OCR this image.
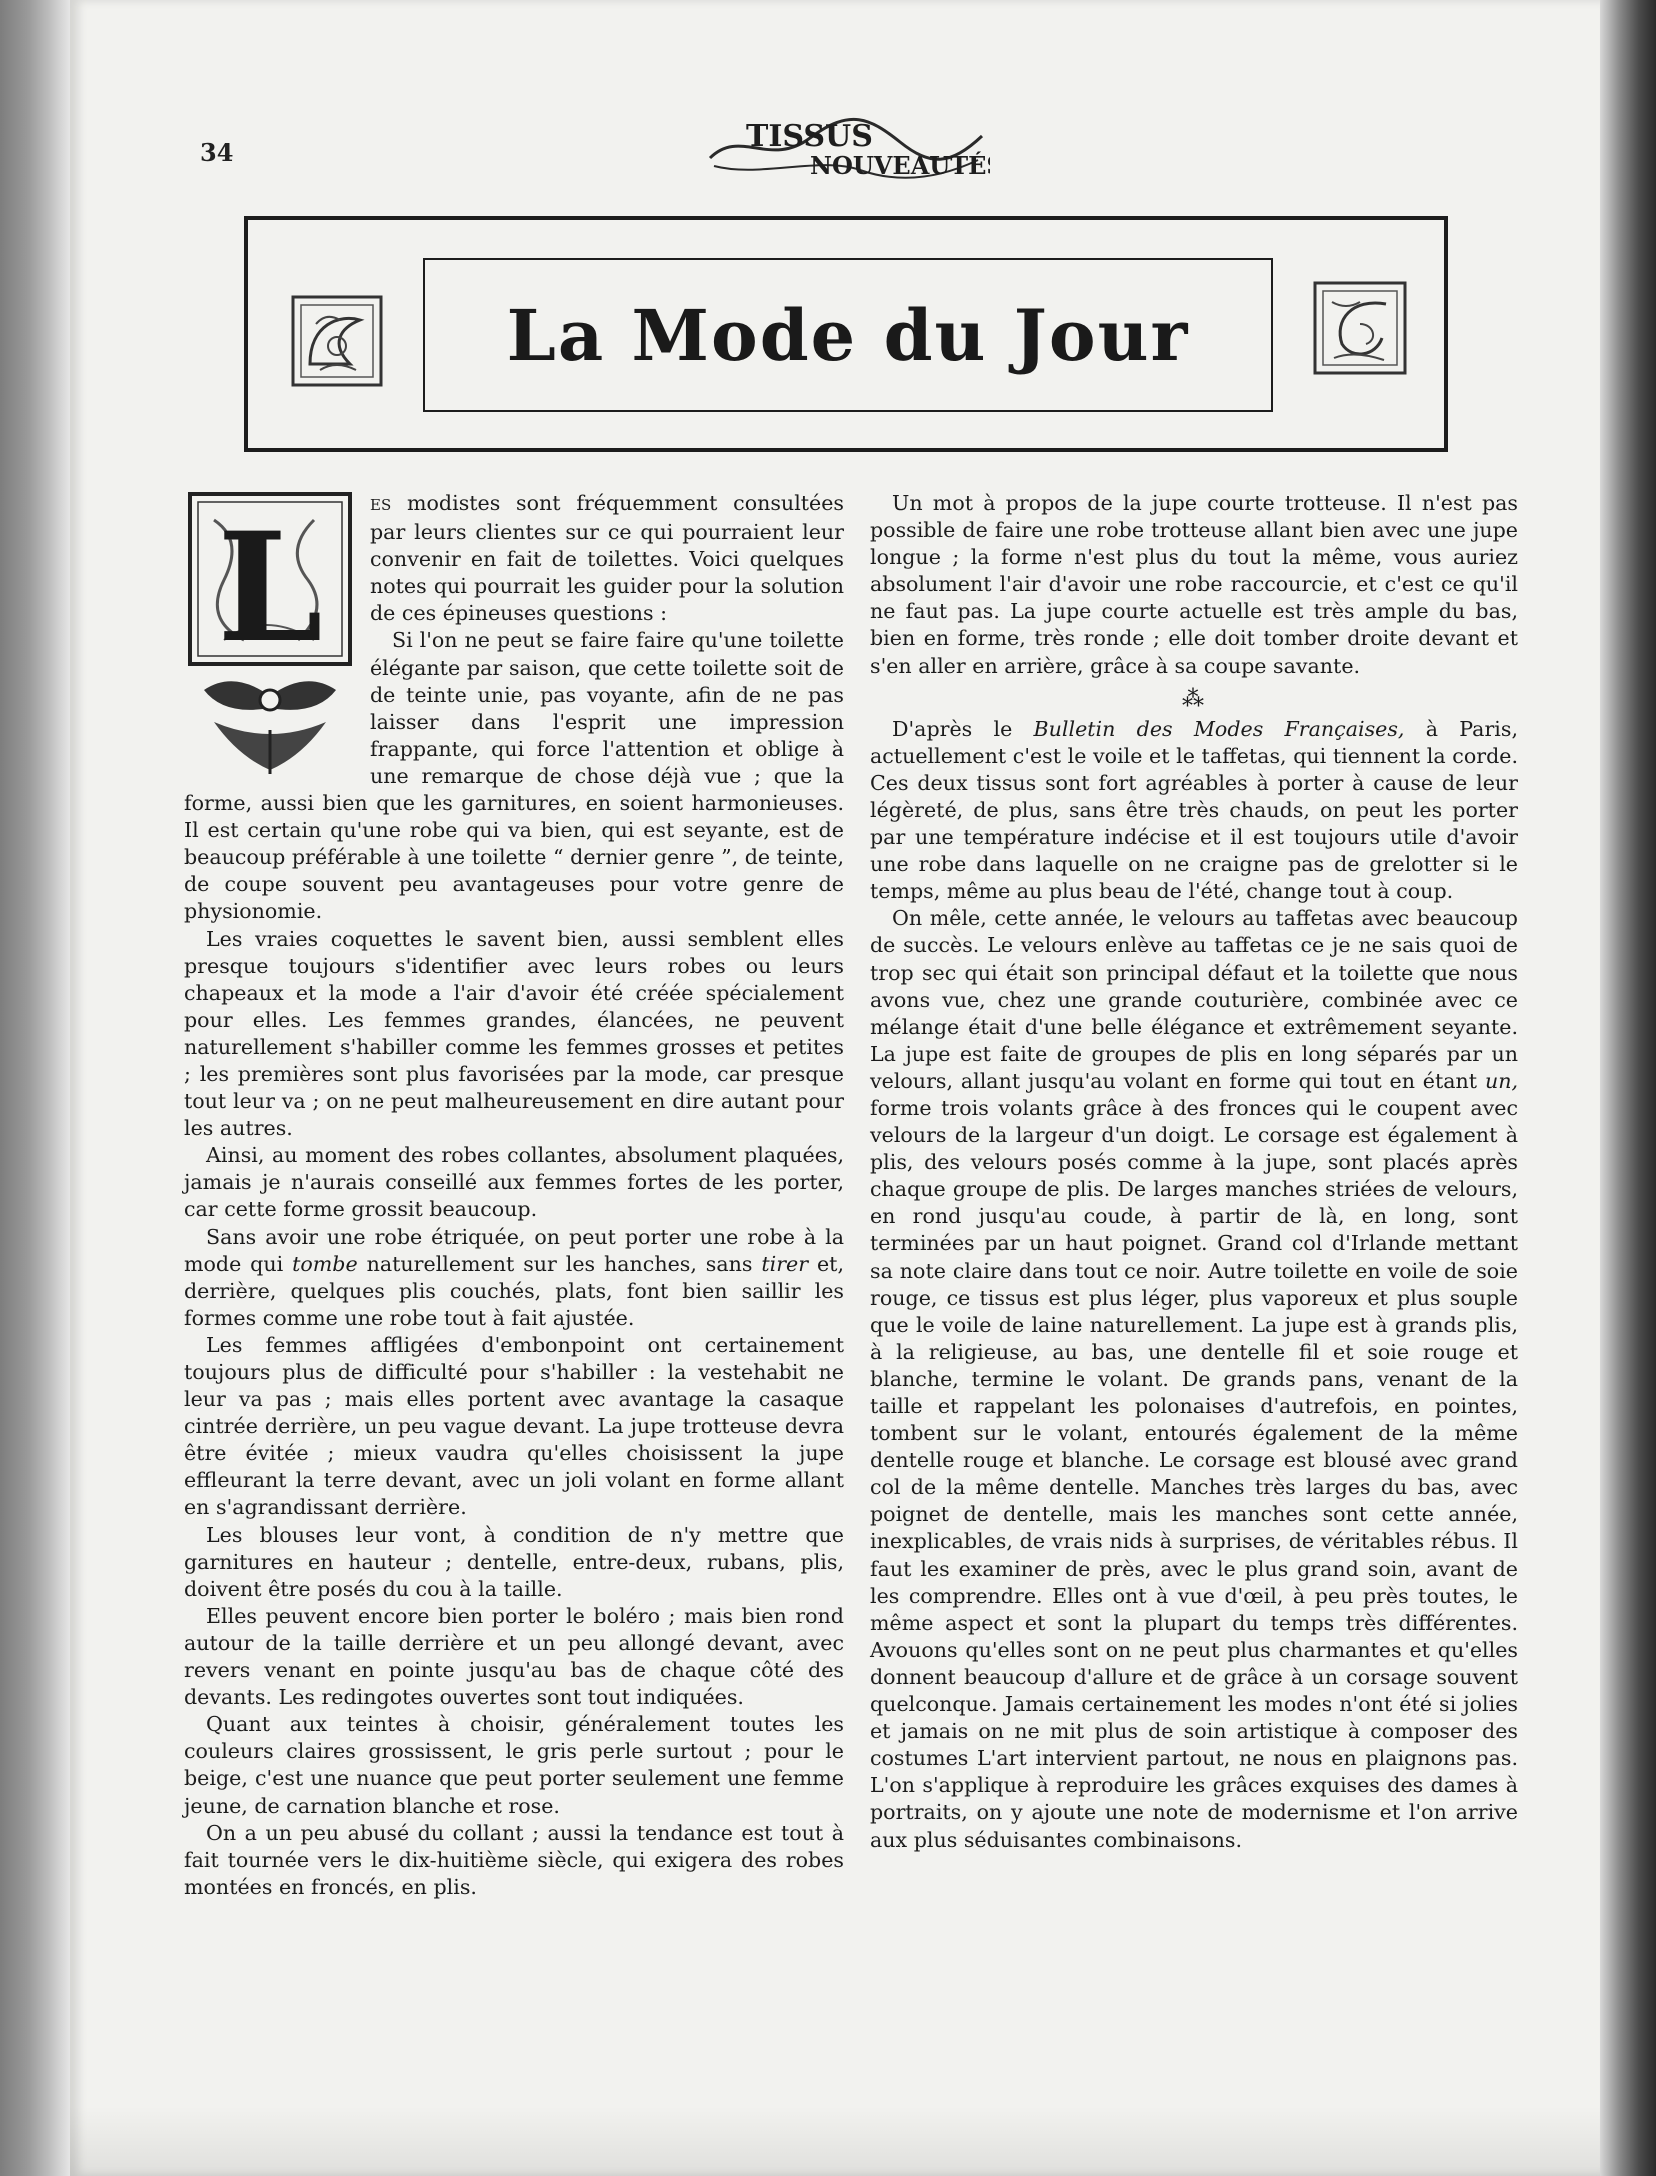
34	TISSUS
NOUVEAUTÉS
La Mode du Jour
L	ES modistes sont fréquemment consultées par leurs clientes sur ce qui pourraient leur convenir en fait de toilettes. Voici quelques notes qui pourrait les guider pour la solution de ces épineuses questions :

Si l'on ne peut se faire faire qu'une toilette élégante par saison, que cette toilette soit de de teinte unie, pas voyante, afin de ne pas laisser dans l'esprit une impression frappante, qui force l'attention et oblige à une remarque de chose déjà vue ; que la forme, aussi bien que les garnitures, en soient harmonieuses. Il est certain qu'une robe qui va bien, qui est seyante, est de beaucoup préférable à une toilette “ dernier genre ”, de teinte, de coupe souvent peu avantageuses pour votre genre de physionomie.

Les vraies coquettes le savent bien, aussi semblent elles presque toujours s'identifier avec leurs robes ou leurs chapeaux et la mode a l'air d'avoir été créée spécialement pour elles. Les femmes grandes, élancées, ne peuvent naturellement s'habiller comme les femmes grosses et petites ; les premières sont plus favorisées par la mode, car presque tout leur va ; on ne peut malheureusement en dire autant pour les autres.

Ainsi, au moment des robes collantes, absolument plaquées, jamais je n'aurais conseillé aux femmes fortes de les porter, car cette forme grossit beaucoup.

Sans avoir une robe étriquée, on peut porter une robe à la mode qui tombe naturellement sur les hanches, sans tirer et, derrière, quelques plis couchés, plats, font bien saillir les formes comme une robe tout à fait ajustée.

Les femmes affligées d'embonpoint ont certainement toujours plus de difficulté pour s'habiller : la vestehabit ne leur va pas ; mais elles portent avec avantage la casaque cintrée derrière, un peu vague devant. La jupe trotteuse devra être évitée ; mieux vaudra qu'elles choisissent la jupe effleurant la terre devant, avec un joli volant en forme allant en s'agrandissant derrière.

Les blouses leur vont, à condition de n'y mettre que garnitures en hauteur ; dentelle, entre-deux, rubans, plis, doivent être posés du cou à la taille.

Elles peuvent encore bien porter le boléro ; mais bien rond autour de la taille derrière et un peu allongé devant, avec revers venant en pointe jusqu'au bas de chaque côté des devants. Les redingotes ouvertes sont tout indiquées.

Quant aux teintes à choisir, généralement toutes les couleurs claires grossissent, le gris perle surtout ; pour le beige, c'est une nuance que peut porter seulement une femme jeune, de carnation blanche et rose.

On a un peu abusé du collant ; aussi la tendance est tout à fait tournée vers le dix-huitième siècle, qui exigera des robes montées en froncés, en plis.

Un mot à propos de la jupe courte trotteuse. Il n'est pas possible de faire une robe trotteuse allant bien avec une jupe longue ; la forme n'est plus du tout la même, vous auriez absolument l'air d'avoir une robe raccourcie, et c'est ce qu'il ne faut pas. La jupe courte actuelle est très ample du bas, bien en forme, très ronde ; elle doit tomber droite devant et s'en aller en arrière, grâce à sa coupe savante.

⁂

D'après le Bulletin des Modes Françaises, à Paris, actuellement c'est le voile et le taffetas, qui tiennent la corde. Ces deux tissus sont fort agréables à porter à cause de leur légèreté, de plus, sans être très chauds, on peut les porter par une température indécise et il est toujours utile d'avoir une robe dans laquelle on ne craigne pas de grelotter si le temps, même au plus beau de l'été, change tout à coup.

On mêle, cette année, le velours au taffetas avec beaucoup de succès. Le velours enlève au taffetas ce je ne sais quoi de trop sec qui était son principal défaut et la toilette que nous avons vue, chez une grande couturière, combinée avec ce mélange était d'une belle élégance et extrêmement seyante. La jupe est faite de groupes de plis en long séparés par un velours, allant jusqu'au volant en forme qui tout en étant un, forme trois volants grâce à des fronces qui le coupent avec velours de la largeur d'un doigt. Le corsage est également à plis, des velours posés comme à la jupe, sont placés après chaque groupe de plis. De larges manches striées de velours, en rond jusqu'au coude, à partir de là, en long, sont terminées par un haut poignet. Grand col d'Irlande mettant sa note claire dans tout ce noir. Autre toilette en voile de soie rouge, ce tissus est plus léger, plus vaporeux et plus souple que le voile de laine naturellement. La jupe est à grands plis, à la religieuse, au bas, une dentelle fil et soie rouge et blanche, termine le volant. De grands pans, venant de la taille et rappelant les polonaises d'autrefois, en pointes, tombent sur le volant, entourés également de la même dentelle rouge et blanche. Le corsage est blousé avec grand col de la même dentelle. Manches très larges du bas, avec poignet de dentelle, mais les manches sont cette année, inexplicables, de vrais nids à surprises, de véritables rébus. Il faut les examiner de près, avec le plus grand soin, avant de les comprendre. Elles ont à vue d'œil, à peu près toutes, le même aspect et sont la plupart du temps très différentes. Avouons qu'elles sont on ne peut plus charmantes et qu'elles donnent beaucoup d'allure et de grâce à un corsage souvent quelconque. Jamais certainement les modes n'ont été si jolies et jamais on ne mit plus de soin artistique à composer des costumes L'art intervient partout, ne nous en plaignons pas. L'on s'applique à reproduire les grâces exquises des dames à portraits, on y ajoute une note de modernisme et l'on arrive aux plus séduisantes combinaisons.
